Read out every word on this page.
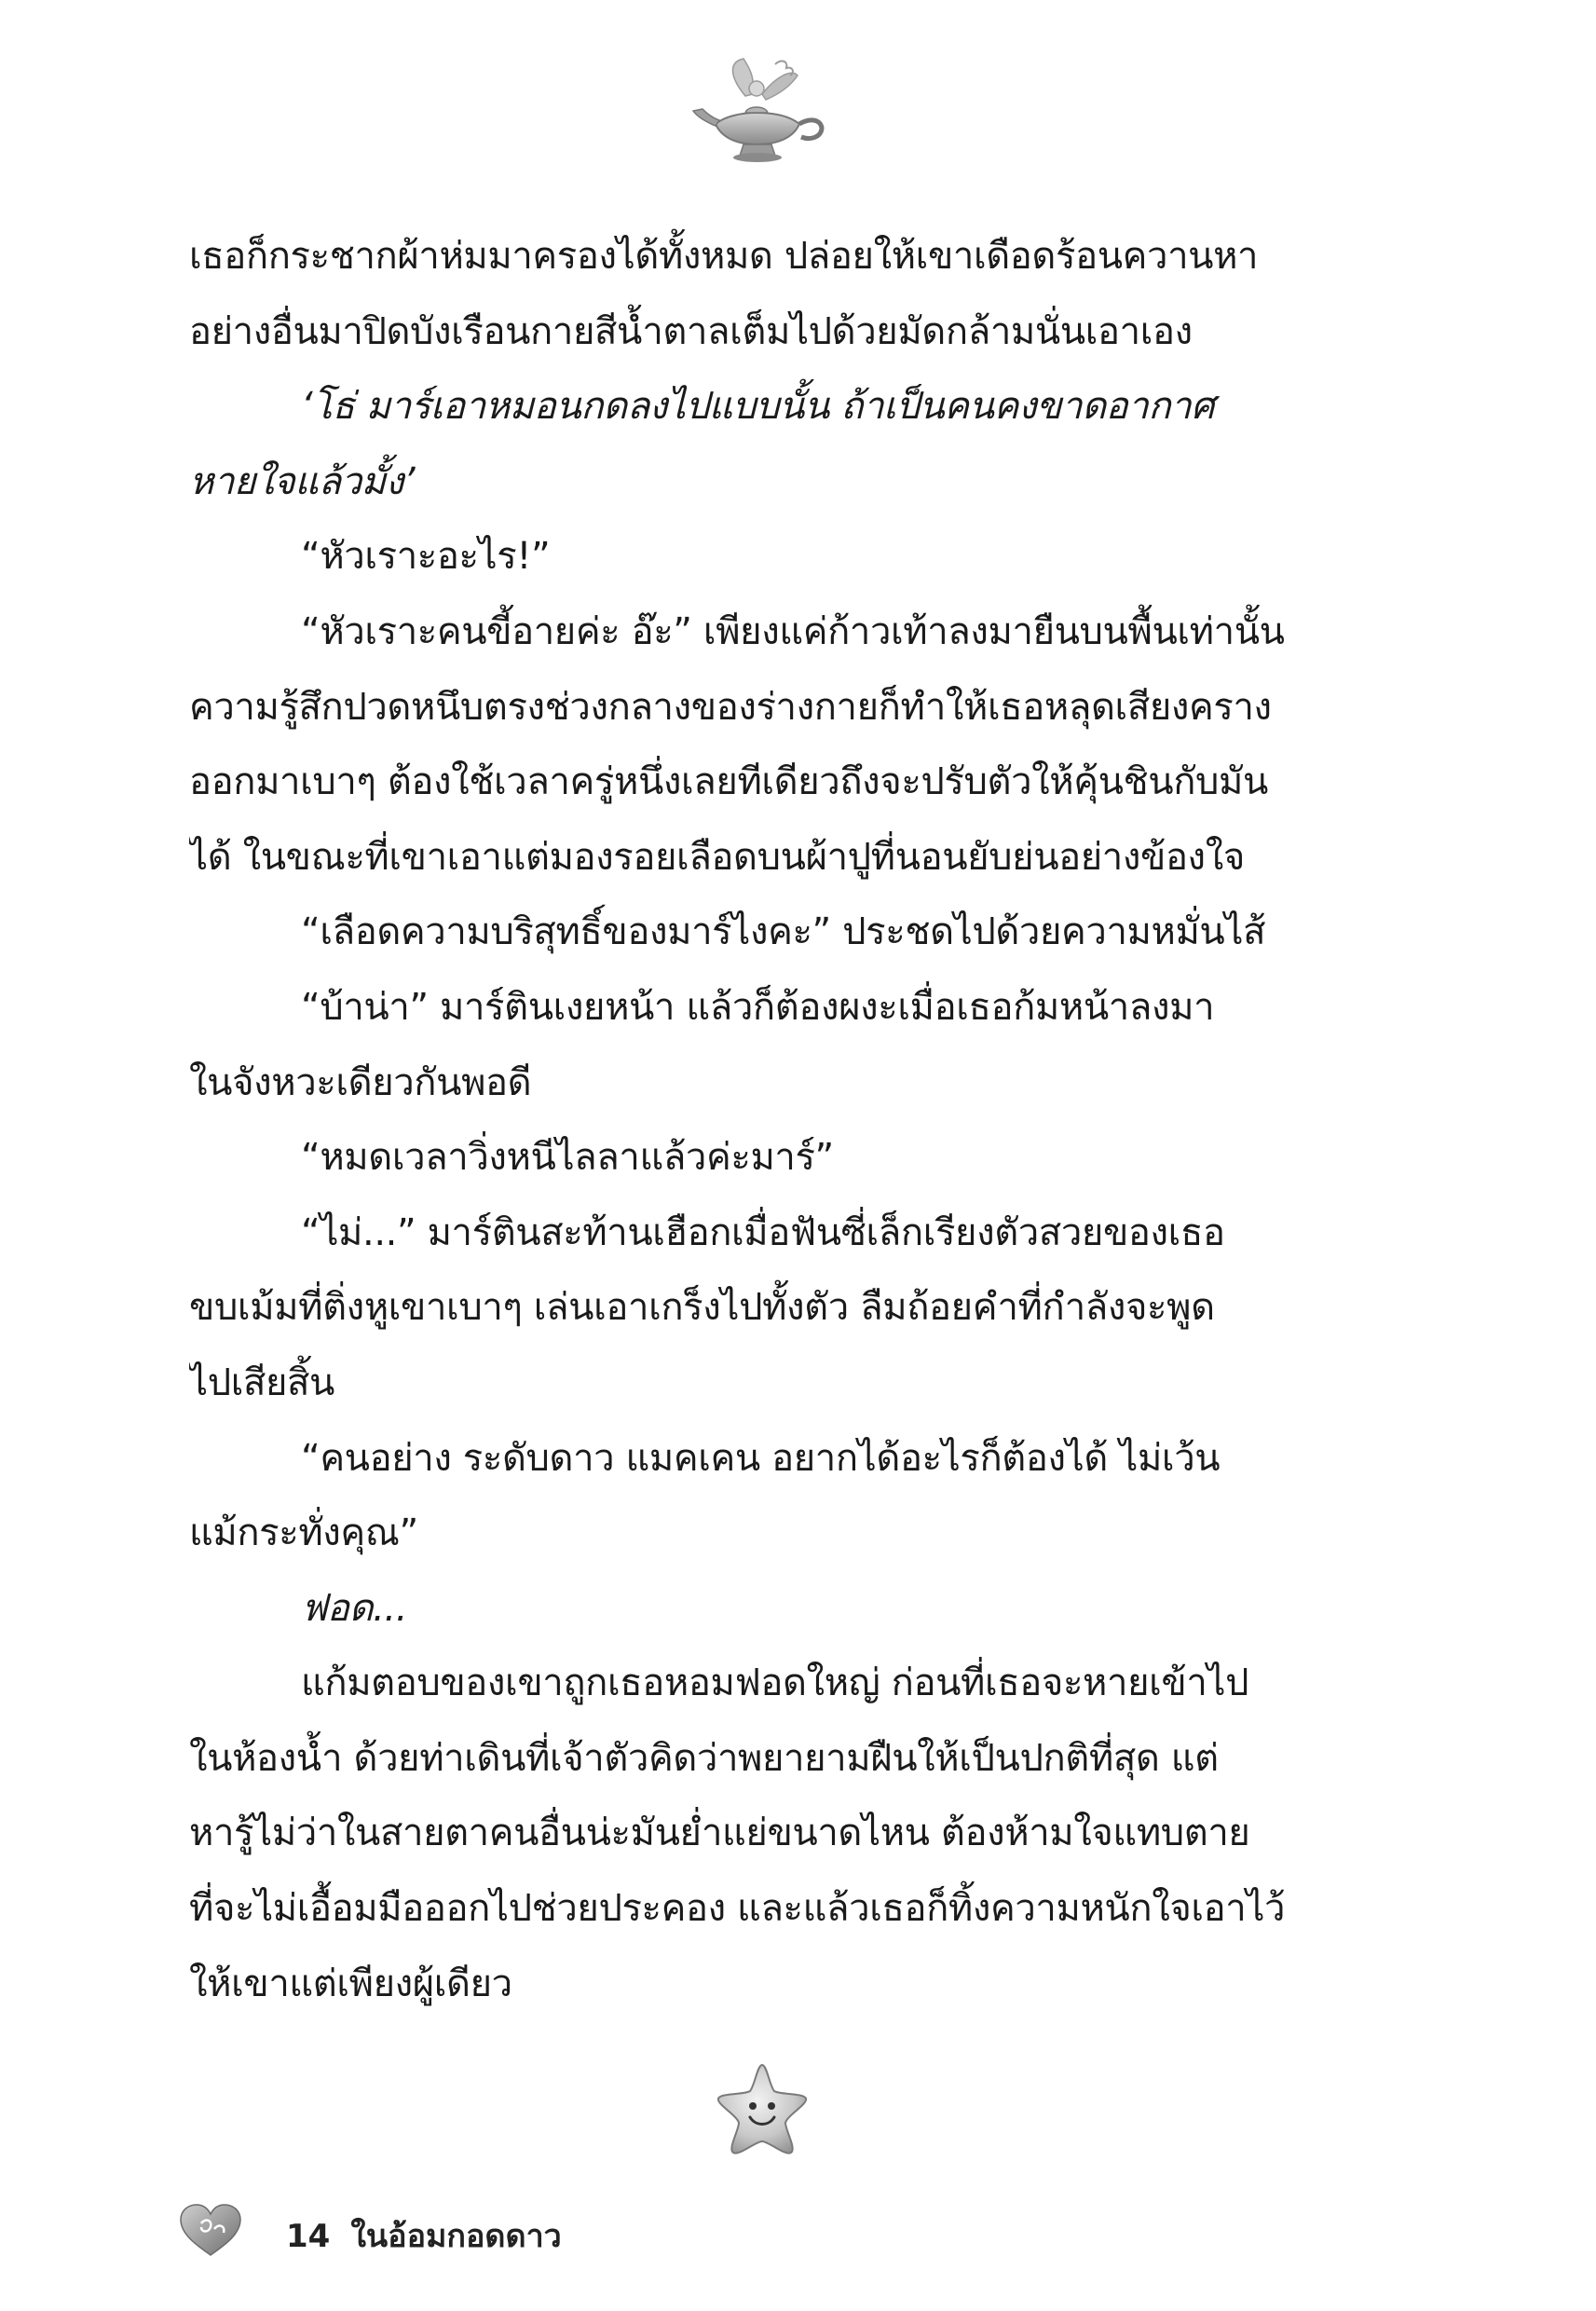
เธอก็กระชากผ้าห่มมาครองได้ทั้งหมด ปล่อยให้เขาเดือดร้อนควานหา

อย่างอื่นมาปิดบังเรือนกายสีน้ำตาลเต็มไปด้วยมัดกล้ามนั่นเอาเอง

‘โธ่ มาร์เอาหมอนกดลงไปแบบนั้น ถ้าเป็นคนคงขาดอากาศ

หายใจแล้วมั้ง’

“หัวเราะอะไร!”

“หัวเราะคนขี้อายค่ะ อ๊ะ” เพียงแค่ก้าวเท้าลงมายืนบนพื้นเท่านั้น

ความรู้สึกปวดหนึบตรงช่วงกลางของร่างกายก็ทำให้เธอหลุดเสียงคราง

ออกมาเบาๆ ต้องใช้เวลาครู่หนึ่งเลยทีเดียวถึงจะปรับตัวให้คุ้นชินกับมัน

ได้ ในขณะที่เขาเอาแต่มองรอยเลือดบนผ้าปูที่นอนยับย่นอย่างข้องใจ

“เลือดความบริสุทธิ์ของมาร์ไงคะ” ประชดไปด้วยความหมั่นไส้

“บ้าน่า” มาร์ตินเงยหน้า แล้วก็ต้องผงะเมื่อเธอก้มหน้าลงมา

ในจังหวะเดียวกันพอดี

“หมดเวลาวิ่งหนีไลลาแล้วค่ะมาร์”

“ไม่...” มาร์ตินสะท้านเฮือกเมื่อฟันซี่เล็กเรียงตัวสวยของเธอ

ขบเม้มที่ติ่งหูเขาเบาๆ เล่นเอาเกร็งไปทั้งตัว ลืมถ้อยคำที่กำลังจะพูด

ไปเสียสิ้น

“คนอย่าง ระดับดาว แมคเคน อยากได้อะไรก็ต้องได้ ไม่เว้น

แม้กระทั่งคุณ”

ฟอด...

แก้มตอบของเขาถูกเธอหอมฟอดใหญ่ ก่อนที่เธอจะหายเข้าไป

ในห้องน้ำ ด้วยท่าเดินที่เจ้าตัวคิดว่าพยายามฝืนให้เป็นปกติที่สุด แต่

หารู้ไม่ว่าในสายตาคนอื่นน่ะมันย่ำแย่ขนาดไหน ต้องห้ามใจแทบตาย

ที่จะไม่เอื้อมมือออกไปช่วยประคอง และแล้วเธอก็ทิ้งความหนักใจเอาไว้

ให้เขาแต่เพียงผู้เดียว

14 ในอ้อมกอดดาว
